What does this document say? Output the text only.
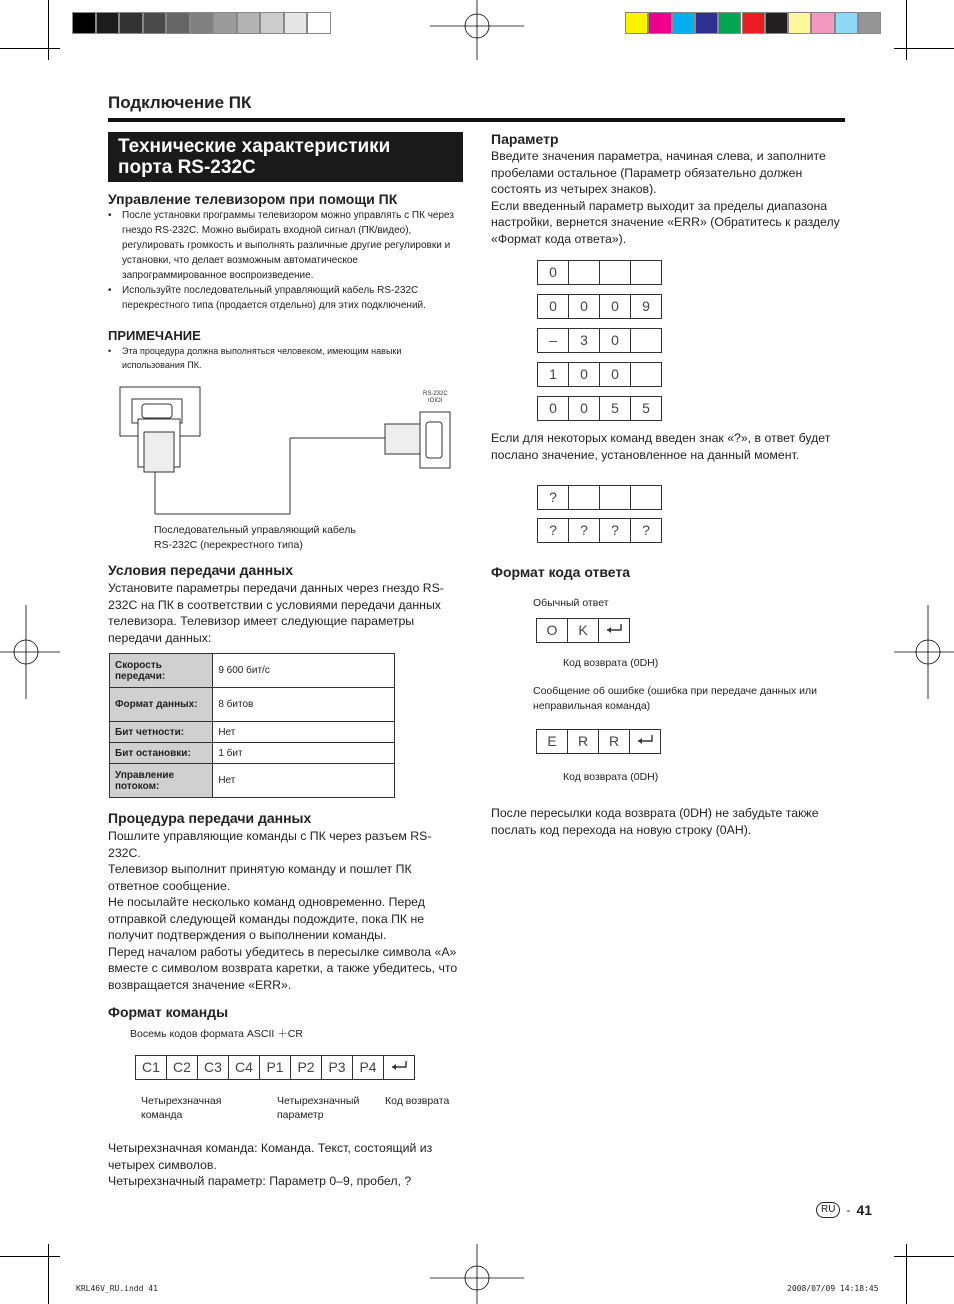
Подключение ПК
Технические характеристики
порта RS-232C
Управление телевизором при помощи ПК
• После установки программы телевизором можно управлять с ПК через гнездо RS-232C. Можно выбирать входной сигнал (ПК/видео), регулировать громкость и выполнять различные другие регулировки и установки, что делает возможным автоматическое запрограммированное воспроизведение.
• Используйте последовательный управляющий кабель RS-232C перекрестного типа (продается отдельно) для этих подключений.
ПРИМЕЧАНИЕ
• Эта процедура должна выполняться человеком, имеющим навыки использования ПК.
RS-232C
IOIOI
Последовательный управляющий кабель
RS-232C (перекрестного типа)
Условия передачи данных
Установите параметры передачи данных через гнездо RS-232C на ПК в соответствии с условиями передачи данных телевизора. Телевизор имеет следующие параметры передачи данных:
Скорость передачи:	9 600 бит/с
Формат данных:	8 битов
Бит четности:	Нет
Бит остановки:	1 бит
Управление потоком:	Нет
Процедура передачи данных
Пошлите управляющие команды с ПК через разъем RS-232C.
Телевизор выполнит принятую команду и пошлет ПК ответное сообщение.
Не посылайте несколько команд одновременно. Перед отправкой следующей команды подождите, пока ПК не получит подтверждения о выполнении команды.
Перед началом работы убедитесь в пересылке символа «A» вместе с символом возврата каретки, а также убедитесь, что возвращается значение «ERR».
Формат команды
Восемь кодов формата ASCII ＋CR
C1 C2 C3 C4 P1 P2 P3 P4
Четырехзначная
команда
Четырехзначный
параметр
Код возврата
Четырехзначная команда: Команда. Текст, состоящий из четырех символов.
Четырехзначный параметр: Параметр 0–9, пробел, ?
Параметр
Введите значения параметра, начиная слева, и заполните пробелами остальное (Параметр обязательно должен состоять из четырех знаков).
Если введенный параметр выходит за пределы диапазона настройки, вернется значение «ERR» (Обратитесь к разделу «Формат кода ответа»).
0
0	0	0	9
–	3	0
1	0	0
0	0	5	5
Если для некоторых команд введен знак «?», в ответ будет послано значение, установленное на данный момент.
?
?	?	?	?
Формат кода ответа
Обычный ответ
O	K
Код возврата (0DH)
Сообщение об ошибке (ошибка при передаче данных или неправильная команда)
E	R	R
Код возврата (0DH)
После пересылки кода возврата (0DH) не забудьте также послать код перехода на новую строку (0AH).
RU - 41
KRL46V_RU.indd 41	2008/07/09 14:18:45
